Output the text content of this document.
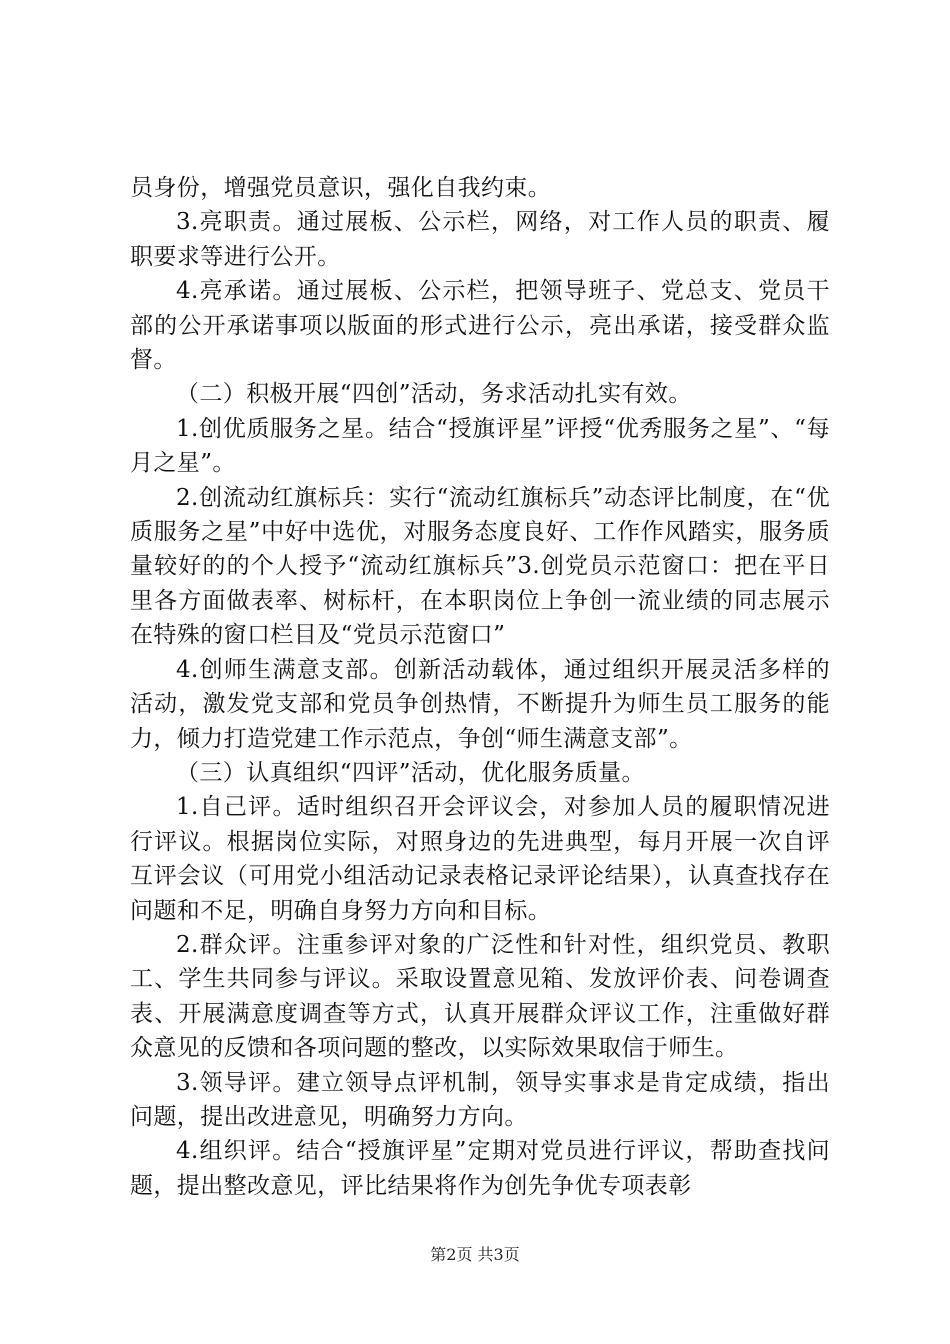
员身份，增强党员意识，强化自我约束。

3.亮职责。通过展板、公示栏，网络，对工作人员的职责、履职要求等进行公开。

4.亮承诺。通过展板、公示栏，把领导班子、党总支、党员干部的公开承诺事项以版面的形式进行公示，亮出承诺，接受群众监督。

（二）积极开展“四创”活动，务求活动扎实有效。

1.创优质服务之星。结合“授旗评星”评授“优秀服务之星”、“每月之星”。

2.创流动红旗标兵：实行“流动红旗标兵”动态评比制度，在“优质服务之星”中好中选优，对服务态度良好、工作作风踏实，服务质量较好的的个人授予“流动红旗标兵”3.创党员示范窗口：把在平日里各方面做表率、树标杆，在本职岗位上争创一流业绩的同志展示在特殊的窗口栏目及“党员示范窗口”

4.创师生满意支部。创新活动载体，通过组织开展灵活多样的活动，激发党支部和党员争创热情，不断提升为师生员工服务的能力，倾力打造党建工作示范点，争创“师生满意支部”。

（三）认真组织“四评”活动，优化服务质量。

1.自己评。适时组织召开会评议会，对参加人员的履职情况进行评议。根据岗位实际，对照身边的先进典型，每月开展一次自评互评会议（可用党小组活动记录表格记录评论结果），认真查找存在问题和不足，明确自身努力方向和目标。

2.群众评。注重参评对象的广泛性和针对性，组织党员、教职工、学生共同参与评议。采取设置意见箱、发放评价表、问卷调查表、开展满意度调查等方式，认真开展群众评议工作，注重做好群众意见的反馈和各项问题的整改，以实际效果取信于师生。

3.领导评。建立领导点评机制，领导实事求是肯定成绩，指出问题，提出改进意见，明确努力方向。

4.组织评。结合“授旗评星”定期对党员进行评议，帮助查找问题，提出整改意见，评比结果将作为创先争优专项表彰

第2页 共3页
